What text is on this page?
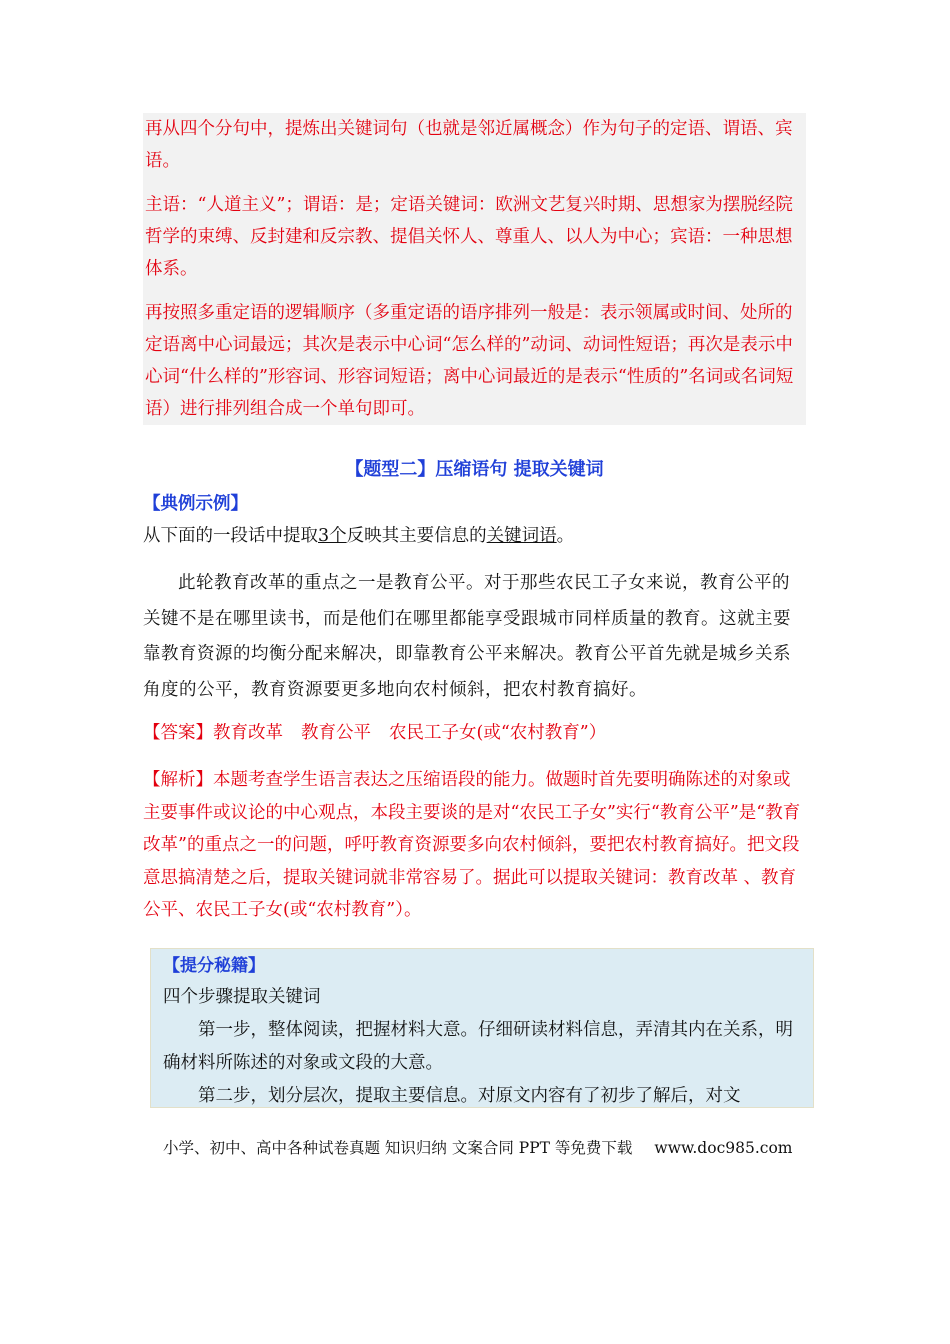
再从四个分句中，提炼出关键词句（也就是邻近属概念）作为句子的定语、谓语、宾语。

主语：“人道主义”；谓语：是；定语关键词：欧洲文艺复兴时期、思想家为摆脱经院哲学的束缚、反封建和反宗教、提倡关怀人、尊重人、以人为中心；宾语：一种思想体系。

再按照多重定语的逻辑顺序（多重定语的语序排列一般是：表示领属或时间、处所的定语离中心词最远；其次是表示中心词“怎么样的”动词、动词性短语；再次是表示中心词“什么样的”形容词、形容词短语；离中心词最近的是表示“性质的”名词或名词短语）进行排列组合成一个单句即可。

【题型二】压缩语句 提取关键词
【典例示例】
从下面的一段话中提取3个反映其主要信息的关键词语。
此轮教育改革的重点之一是教育公平。对于那些农民工子女来说，教育公平的关键不是在哪里读书，而是他们在哪里都能享受跟城市同样质量的教育。这就主要靠教育资源的均衡分配来解决，即靠教育公平来解决。教育公平首先就是城乡关系角度的公平，教育资源要更多地向农村倾斜，把农村教育搞好。
【答案】教育改革 教育公平 农民工子女(或“农村教育”）
【解析】本题考查学生语言表达之压缩语段的能力。做题时首先要明确陈述的对象或主要事件或议论的中心观点，本段主要谈的是对“农民工子女”实行“教育公平”是“教育改革”的重点之一的问题，呼吁教育资源要多向农村倾斜，要把农村教育搞好。把文段意思搞清楚之后，提取关键词就非常容易了。据此可以提取关键词：教育改革 、教育公平、农民工子女(或“农村教育”）。
【提分秘籍】

四个步骤提取关键词

第一步，整体阅读，把握材料大意。仔细研读材料信息，弄清其内在关系，明确材料所陈述的对象或文段的大意。

第二步，划分层次，提取主要信息。对原文内容有了初步了解后，对文

小学、初中、高中各种试卷真题 知识归纳 文案合同 PPT 等免费下载 www.doc985.com
